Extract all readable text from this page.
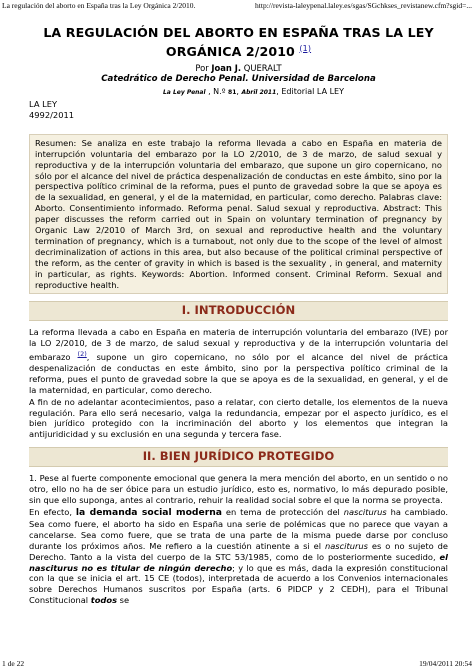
La regulación del aborto en España tras la Ley Orgánica 2/2010.	http://revista-laleypenal.laley.es/sgas/SGchkses_revistanew.cfm?sgid=...
LA REGULACIÓN DEL ABORTO EN ESPAÑA TRAS LA LEY ORGÁNICA 2/2010 $^{(1)}$
Por Joan J. QUERALT
Catedrático de Derecho Penal. Universidad de Barcelona
La Ley Penal , N.º 81, Abril 2011, Editorial LA LEY
LA LEY
4992/2011

Resumen: Se analiza en este trabajo la reforma llevada a cabo en España en materia de interrupción voluntaria del embarazo por la LO 2/2010, de 3 de marzo, de salud sexual y reproductiva y de la interrupción voluntaria del embarazo, que supone un giro copernicano, no sólo por el alcance del nivel de práctica despenalización de conductas en este ámbito, sino por la perspectiva político criminal de la reforma, pues el punto de gravedad sobre la que se apoya es de la sexualidad, en general, y el de la maternidad, en particular, como derecho. Palabras clave: Aborto. Consentimiento informado. Reforma penal. Salud sexual y reproductiva. Abstract: This paper discusses the reform carried out in Spain on voluntary termination of pregnancy by Organic Law 2/2010 of March 3rd, on sexual and reproductive health and the voluntary termination of pregnancy, which is a turnabout, not only due to the scope of the level of almost decriminalization of actions in this area, but also because of the political criminal perspective of the reform, as the center of gravity in which is based is the sexuality , in general, and maternity in particular, as rights. Keywords: Abortion. Informed consent. Criminal Reform. Sexual and reproductive health.

I. INTRODUCCIÓN

La reforma llevada a cabo en España en materia de interrupción voluntaria del embarazo (IVE) por la LO 2/2010, de 3 de marzo, de salud sexual y reproductiva y de la interrupción voluntaria del embarazo $^{(2)}$, supone un giro copernicano, no sólo por el alcance del nivel de práctica despenalización de conductas en este ámbito, sino por la perspectiva político criminal de la reforma, pues el punto de gravedad sobre la que se apoya es de la sexualidad, en general, y el de la maternidad, en particular, como derecho.

A fin de no adelantar acontecimientos, paso a relatar, con cierto detalle, los elementos de la nueva regulación. Para ello será necesario, valga la redundancia, empezar por el aspecto jurídico, es el bien jurídico protegido con la incriminación del aborto y los elementos que integran la antijuridicidad y su exclusión en una segunda y tercera fase.

II. BIEN JURÍDICO PROTEGIDO

1. Pese al fuerte componente emocional que genera la mera mención del aborto, en un sentido o no otro, ello no ha de ser óbice para un estudio jurídico, esto es, normativo, lo más depurado posible, sin que ello suponga, antes al contrario, rehuir la realidad social sobre el que la norma se proyecta.

En efecto, la demanda social moderna en tema de protección del nasciturus ha cambiado. Sea como fuere, el aborto ha sido en España una serie de polémicas que no parece que vayan a cancelarse. Sea como fuere, que se trata de una parte de la misma puede darse por concluso durante los próximos años. Me refiero a la cuestión atinente a si el nasciturus es o no sujeto de Derecho. Tanto a la vista del cuerpo de la STC 53/1985, como de lo posteriormente sucedido, el nasciturus no es titular de ningún derecho; y lo que es más, dada la expresión constitucional con la que se inicia el art. 15 CE (todos), interpretada de acuerdo a los Convenios internacionales sobre Derechos Humanos suscritos por España (arts. 6 PIDCP y 2 CEDH), para el Tribunal Constitucional todos se

1 de 22	19/04/2011 20:54
